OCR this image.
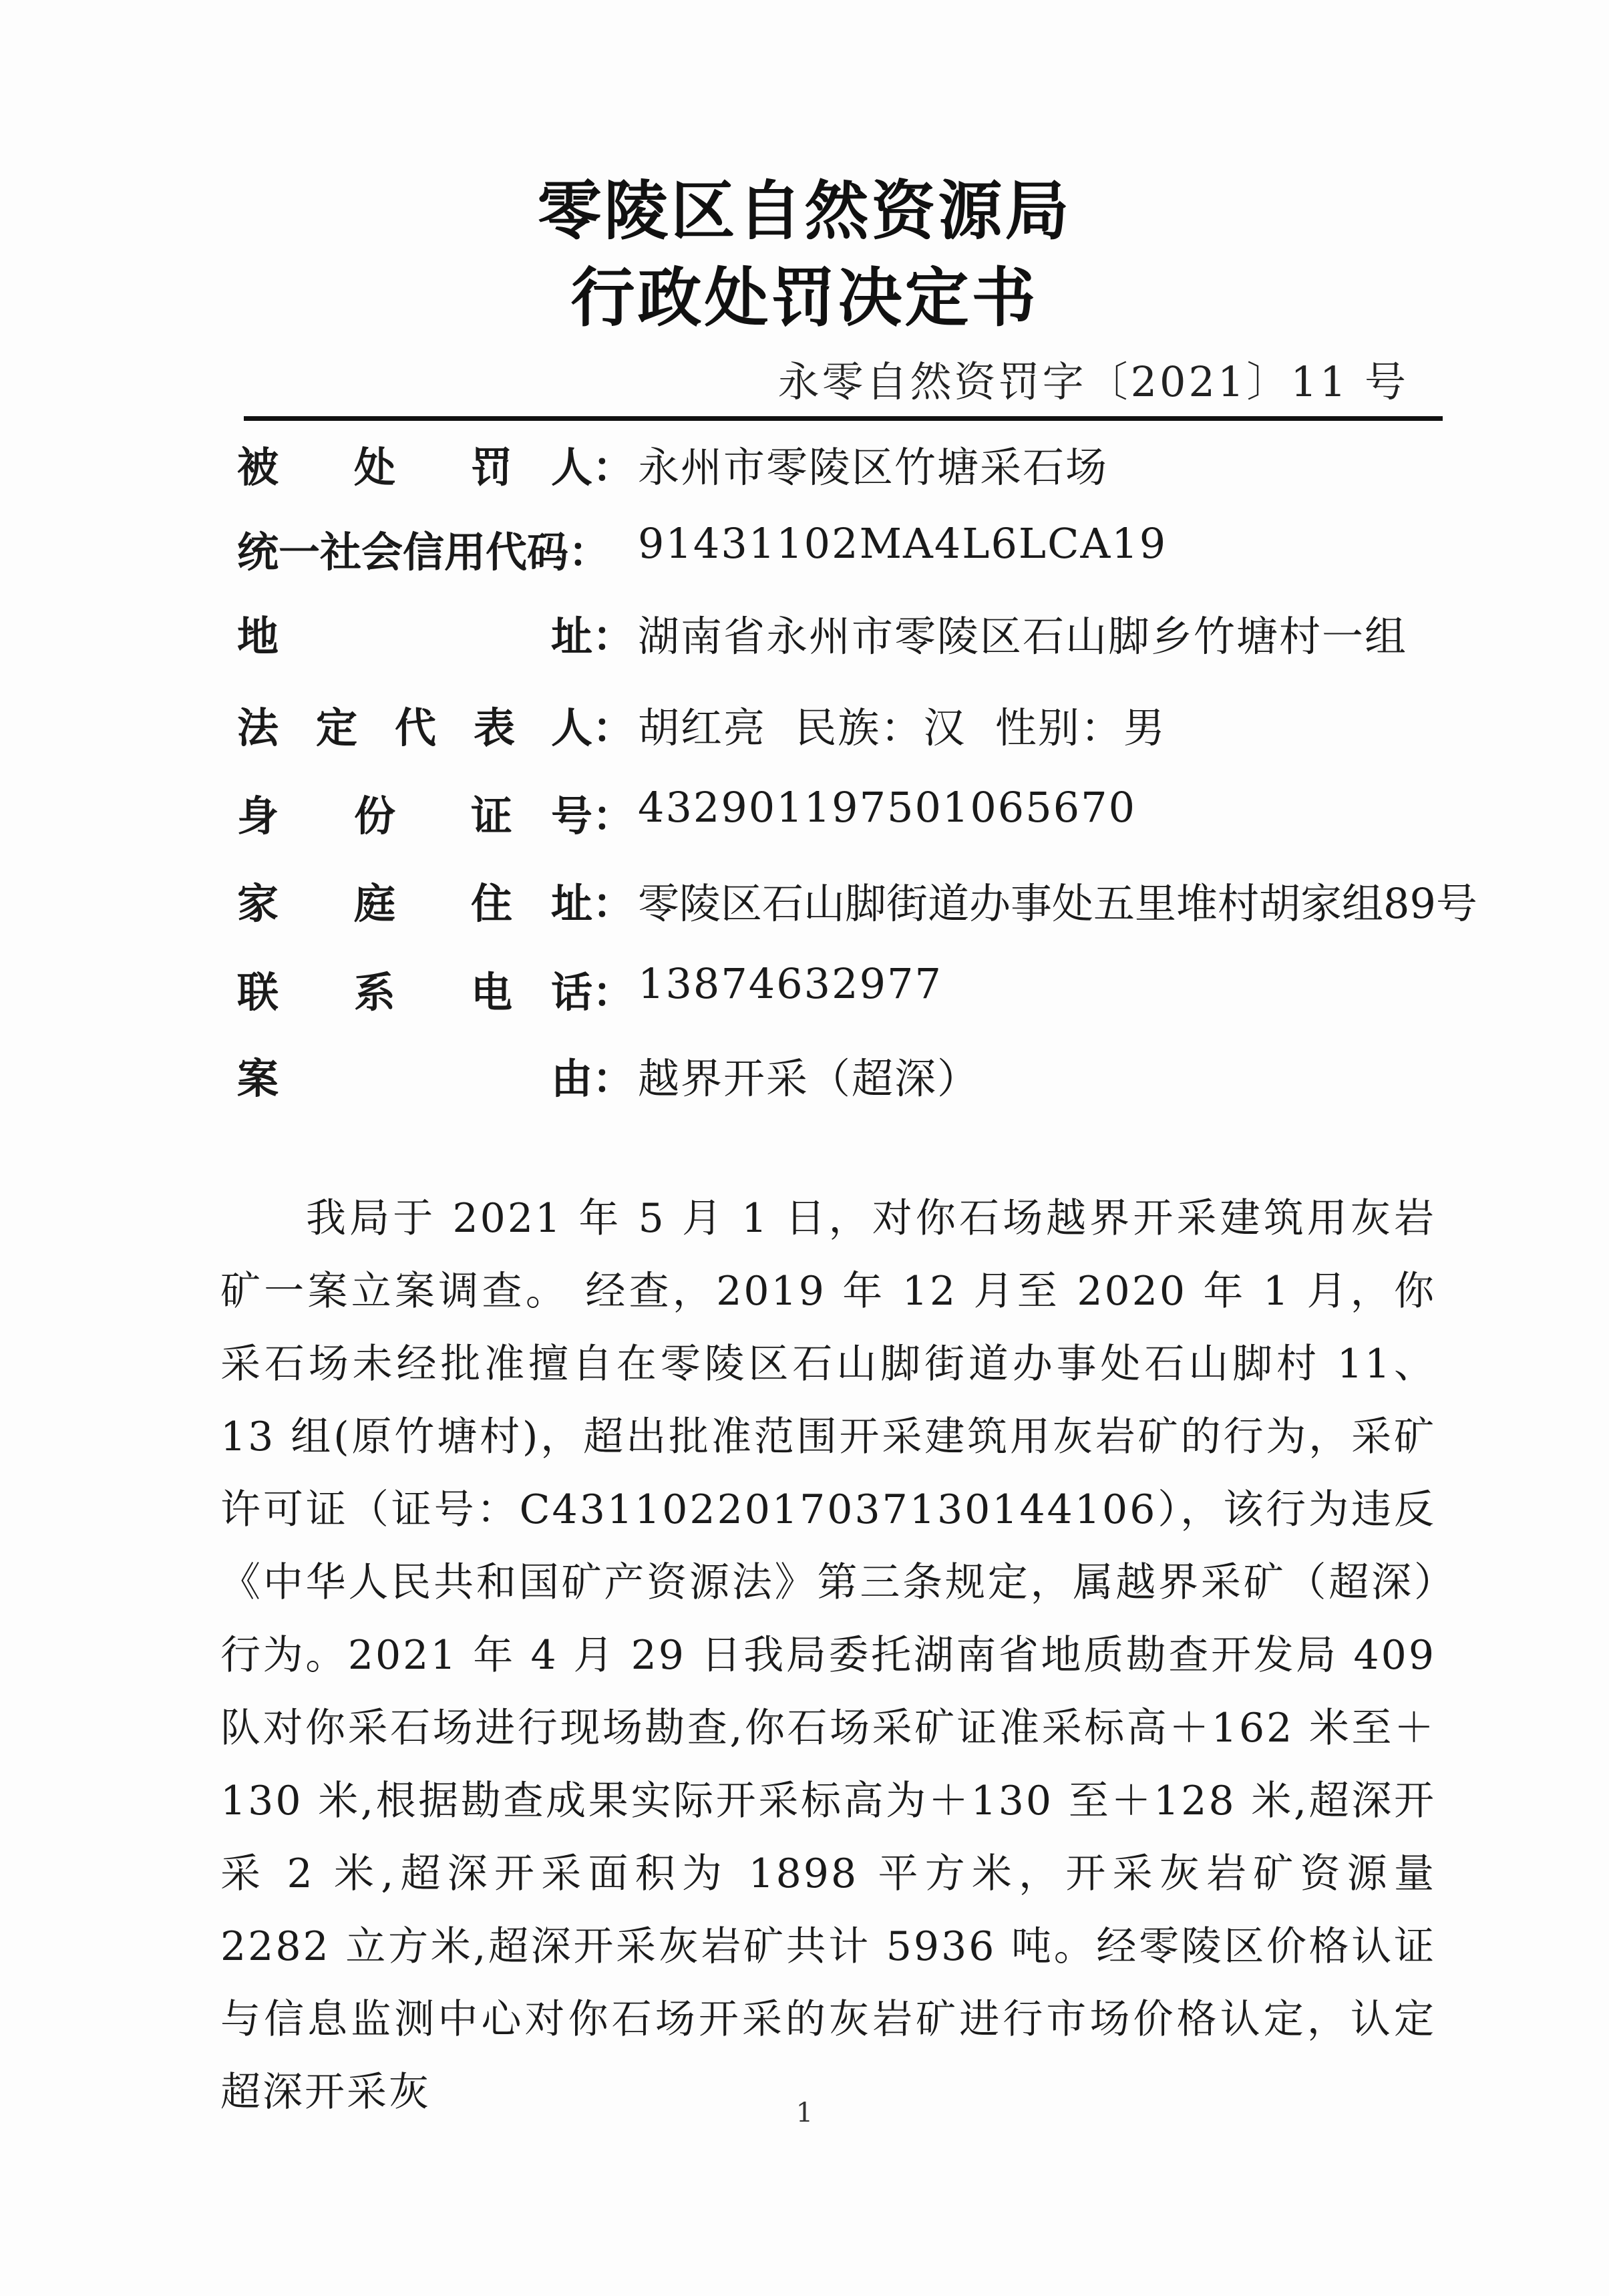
零陵区自然资源局
行政处罚决定书
永零自然资罚字〔2021〕11 号
被 处 罚 人： 永州市零陵区竹塘采石场
统一社会信用代码： 91431102MA4L6LCA19
地	址： 湖南省永州市零陵区石山脚乡竹塘村一组
法 定 代 表 人： 胡红亮  民族：汉  性别：男
身 份 证 号： 432901197501065670
家 庭 住 址： 零陵区石山脚街道办事处五里堆村胡家组89号
联 系 电 话： 13874632977
案	由： 越界开采（超深）
我局于 2021 年 5 月 1 日，对你石场越界开采建筑用灰岩矿一案立案调查。 经查，2019 年 12 月至 2020 年 1 月，你采石场未经批准擅自在零陵区石山脚街道办事处石山脚村 11、13 组(原竹塘村)，超出批准范围开采建筑用灰岩矿的行为，采矿许可证（证号：C4311022017037130144106），该行为违反《中华人民共和国矿产资源法》第三条规定，属越界采矿（超深）行为。2021 年 4 月 29 日我局委托湖南省地质勘查开发局 409 队对你采石场进行现场勘查,你石场采矿证准采标高＋162 米至＋130 米,根据勘查成果实际开采标高为＋130 至＋128 米,超深开采 2 米,超深开采面积为 1898 平方米，开采灰岩矿资源量 2282 立方米,超深开采灰岩矿共计 5936 吨。经零陵区价格认证与信息监测中心对你石场开采的灰岩矿进行市场价格认定，认定超深开采灰	1
